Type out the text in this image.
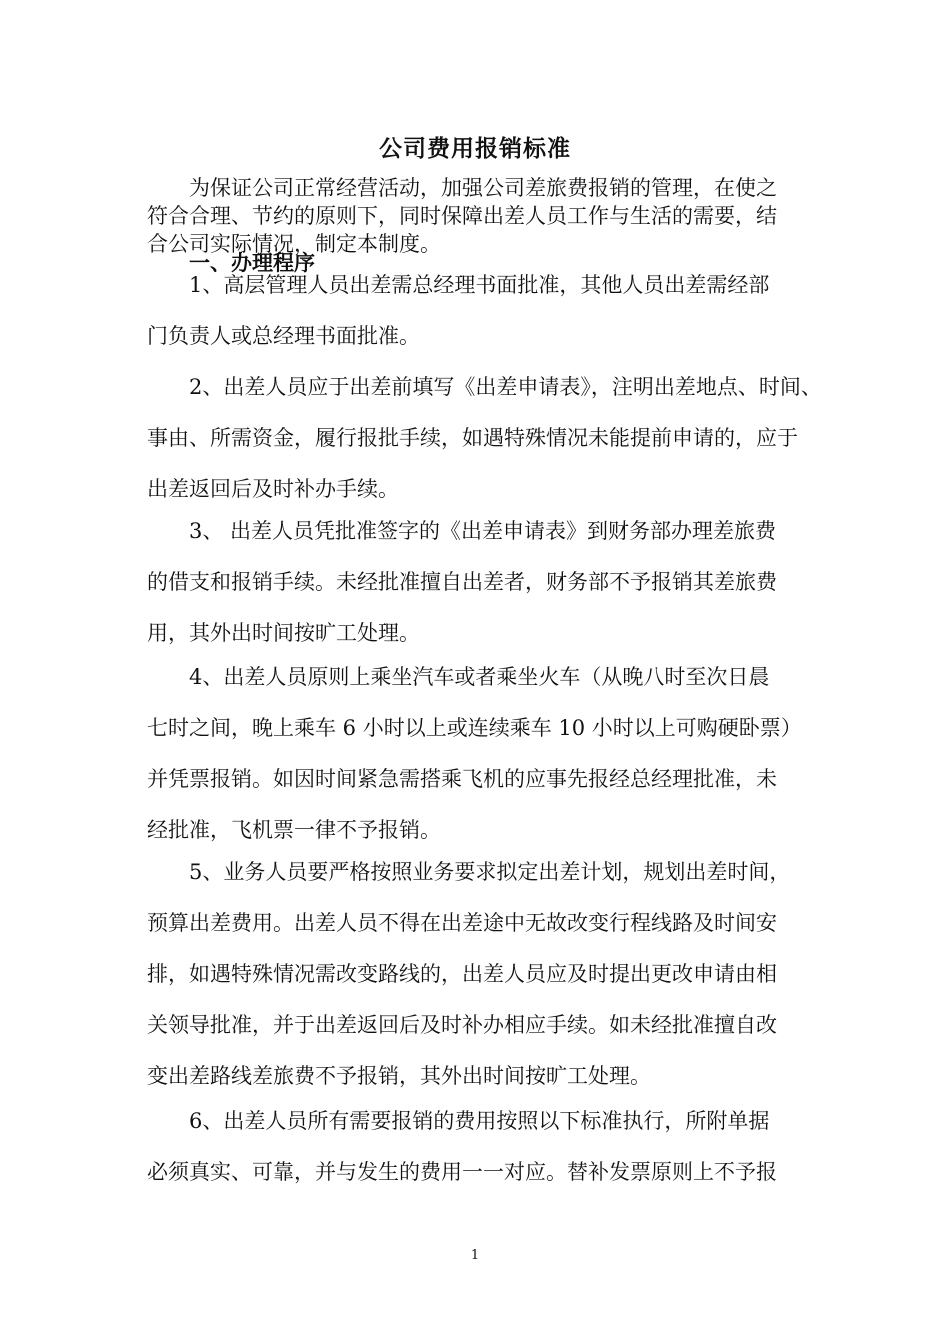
公司费用报销标准
为保证公司正常经营活动，加强公司差旅费报销的管理，在使之
符合合理、节约的原则下，同时保障出差人员工作与生活的需要，结
合公司实际情况，制定本制度。
一、办理程序
1、高层管理人员出差需总经理书面批准，其他人员出差需经部
门负责人或总经理书面批准。
2、出差人员应于出差前填写《出差申请表》，注明出差地点、时间、
事由、所需资金，履行报批手续，如遇特殊情况未能提前申请的，应于
出差返回后及时补办手续。
3、 出差人员凭批准签字的《出差申请表》到财务部办理差旅费
的借支和报销手续。未经批准擅自出差者，财务部不予报销其差旅费
用，其外出时间按旷工处理。
4、出差人员原则上乘坐汽车或者乘坐火车（从晚八时至次日晨
七时之间，晚上乘车 6 小时以上或连续乘车 10 小时以上可购硬卧票）
并凭票报销。如因时间紧急需搭乘飞机的应事先报经总经理批准，未
经批准，飞机票一律不予报销。
5、业务人员要严格按照业务要求拟定出差计划，规划出差时间，
预算出差费用。出差人员不得在出差途中无故改变行程线路及时间安
排，如遇特殊情况需改变路线的，出差人员应及时提出更改申请由相
关领导批准，并于出差返回后及时补办相应手续。如未经批准擅自改
变出差路线差旅费不予报销，其外出时间按旷工处理。
6、出差人员所有需要报销的费用按照以下标准执行，所附单据
必须真实、可靠，并与发生的费用一一对应。替补发票原则上不予报
1
